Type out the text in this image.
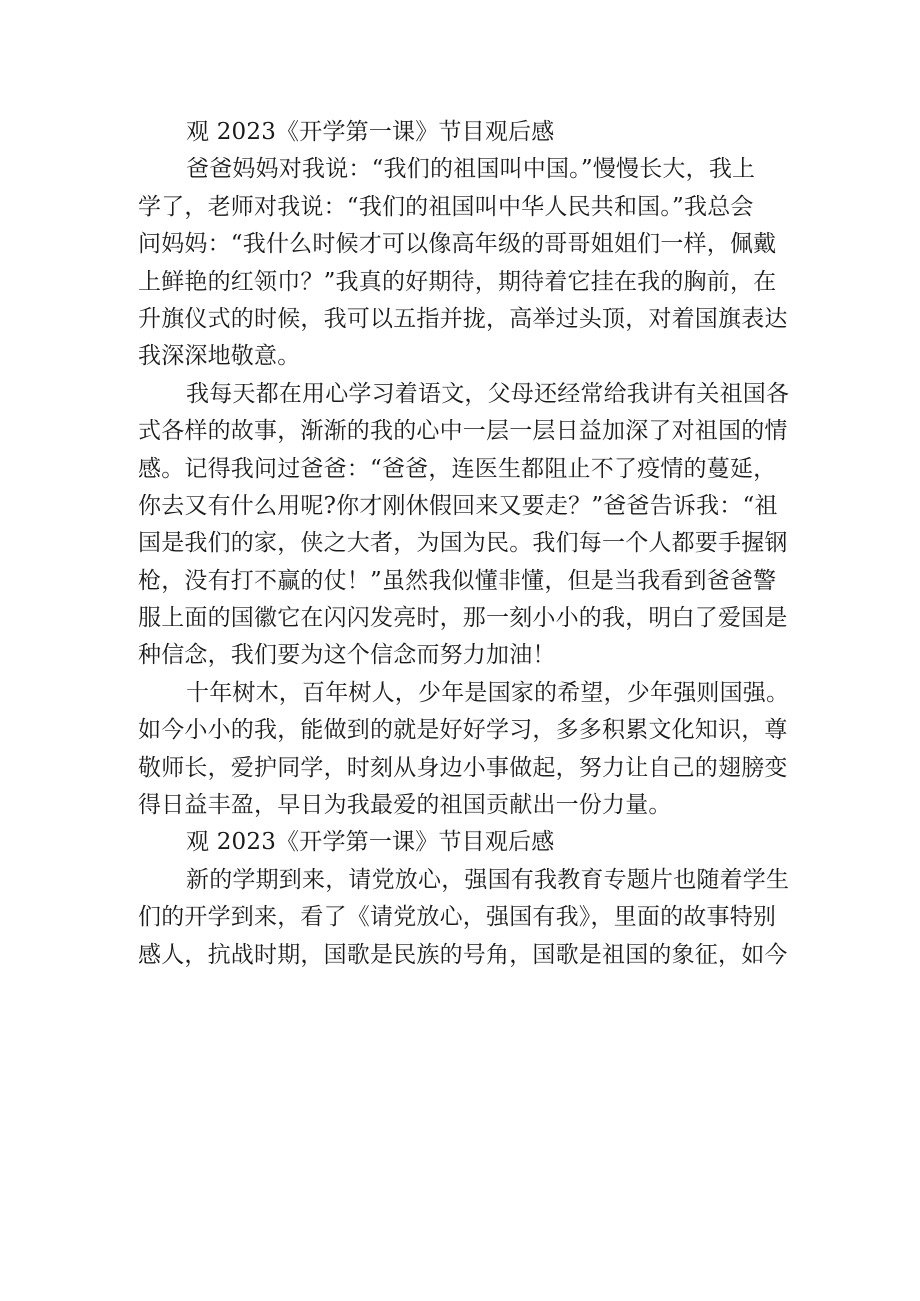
观 2023《开学第一课》节目观后感
爸爸妈妈对我说：“我们的祖国叫中国。”慢慢长大，我上
学了，老师对我说：“我们的祖国叫中华人民共和国。”我总会
问妈妈：“我什么时候才可以像高年级的哥哥姐姐们一样，佩戴
上鲜艳的红领巾？”我真的好期待，期待着它挂在我的胸前，在
升旗仪式的时候，我可以五指并拢，高举过头顶，对着国旗表达
我深深地敬意。
我每天都在用心学习着语文，父母还经常给我讲有关祖国各
式各样的故事，渐渐的我的心中一层一层日益加深了对祖国的情
感。记得我问过爸爸：“爸爸，连医生都阻止不了疫情的蔓延，
你去又有什么用呢?你才刚休假回来又要走？”爸爸告诉我：“祖
国是我们的家，侠之大者，为国为民。我们每一个人都要手握钢
枪，没有打不赢的仗！”虽然我似懂非懂，但是当我看到爸爸警
服上面的国徽它在闪闪发亮时，那一刻小小的我，明白了爱国是
种信念，我们要为这个信念而努力加油！
十年树木，百年树人，少年是国家的希望，少年强则国强。
如今小小的我，能做到的就是好好学习，多多积累文化知识，尊
敬师长，爱护同学，时刻从身边小事做起，努力让自己的翅膀变
得日益丰盈，早日为我最爱的祖国贡献出一份力量。
观 2023《开学第一课》节目观后感
新的学期到来，请党放心，强国有我教育专题片也随着学生
们的开学到来，看了《请党放心，强国有我》，里面的故事特别
感人，抗战时期，国歌是民族的号角，国歌是祖国的象征，如今
